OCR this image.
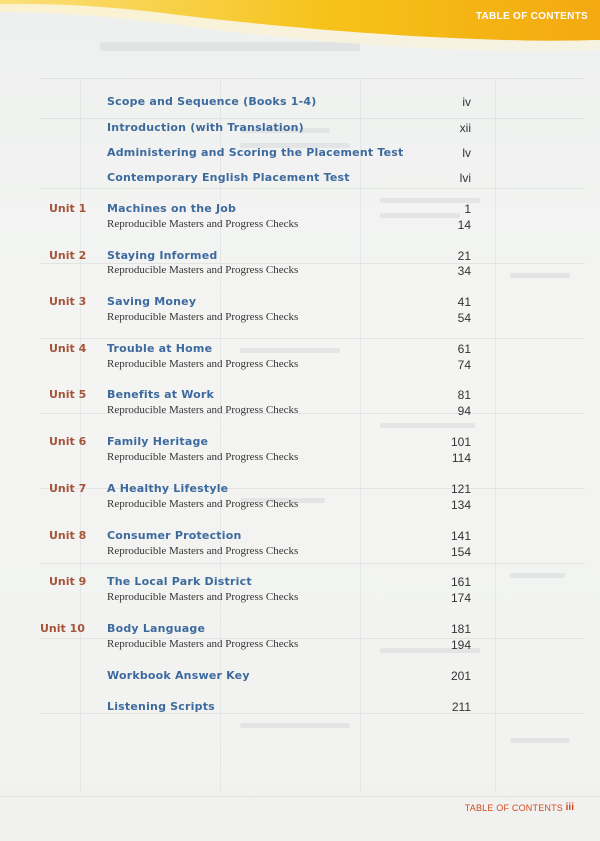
TABLE OF CONTENTS
Scope and Sequence (Books 1-4)	iv
Introduction (with Translation)	xii
Administering and Scoring the Placement Test	lv
Contemporary English Placement Test	lvi
Unit 1 Machines on the Job	1
Reproducible Masters and Progress Checks	14
Unit 2 Staying Informed	21
Reproducible Masters and Progress Checks	34
Unit 3 Saving Money	41
Reproducible Masters and Progress Checks	54
Unit 4 Trouble at Home	61
Reproducible Masters and Progress Checks	74
Unit 5 Benefits at Work	81
Reproducible Masters and Progress Checks	94
Unit 6 Family Heritage	101
Reproducible Masters and Progress Checks	114
Unit 7 A Healthy Lifestyle	121
Reproducible Masters and Progress Checks	134
Unit 8 Consumer Protection	141
Reproducible Masters and Progress Checks	154
Unit 9 The Local Park District	161
Reproducible Masters and Progress Checks	174
Unit 10 Body Language	181
Reproducible Masters and Progress Checks	194
Workbook Answer Key	201
Listening Scripts	211
TABLE OF CONTENTS iii
